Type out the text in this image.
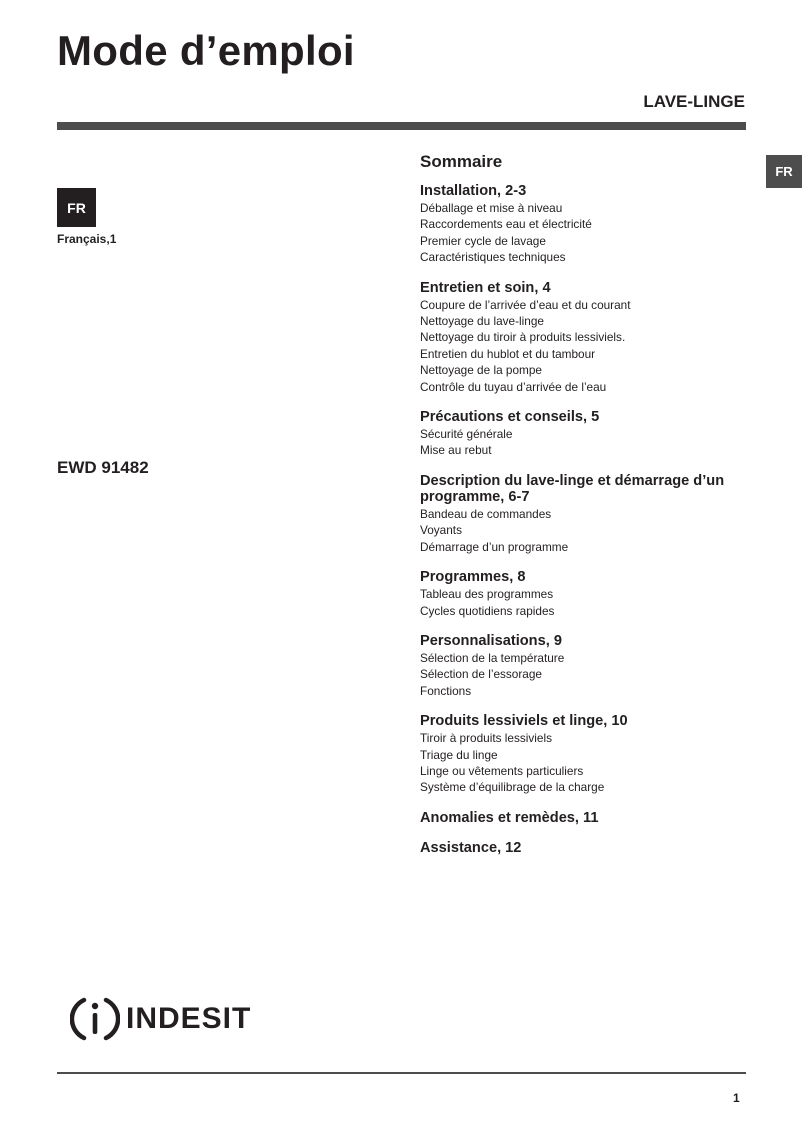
Mode d’emploi
LAVE-LINGE
FR
FR
Français,1
EWD 91482
Sommaire
Installation, 2-3
Déballage et mise à niveau
Raccordements eau et électricité
Premier cycle de lavage
Caractéristiques techniques
Entretien et soin, 4
Coupure de l’arrivée d’eau et du courant
Nettoyage du lave-linge
Nettoyage du tiroir à produits lessiviels.
Entretien du hublot et du tambour
Nettoyage de la pompe
Contrôle du tuyau d’arrivée de l’eau
Précautions et conseils, 5
Sécurité générale
Mise au rebut
Description du lave-linge et démarrage d’un programme, 6-7
Bandeau de commandes
Voyants
Démarrage d’un programme
Programmes, 8
Tableau des programmes
Cycles quotidiens rapides
Personnalisations, 9
Sélection de la température
Sélection de l’essorage
Fonctions
Produits lessiviels et linge, 10
Tiroir à produits lessiviels
Triage du linge
Linge ou vêtements particuliers
Système d’équilibrage de la charge
Anomalies et remèdes, 11
Assistance, 12
INDESIT
1
